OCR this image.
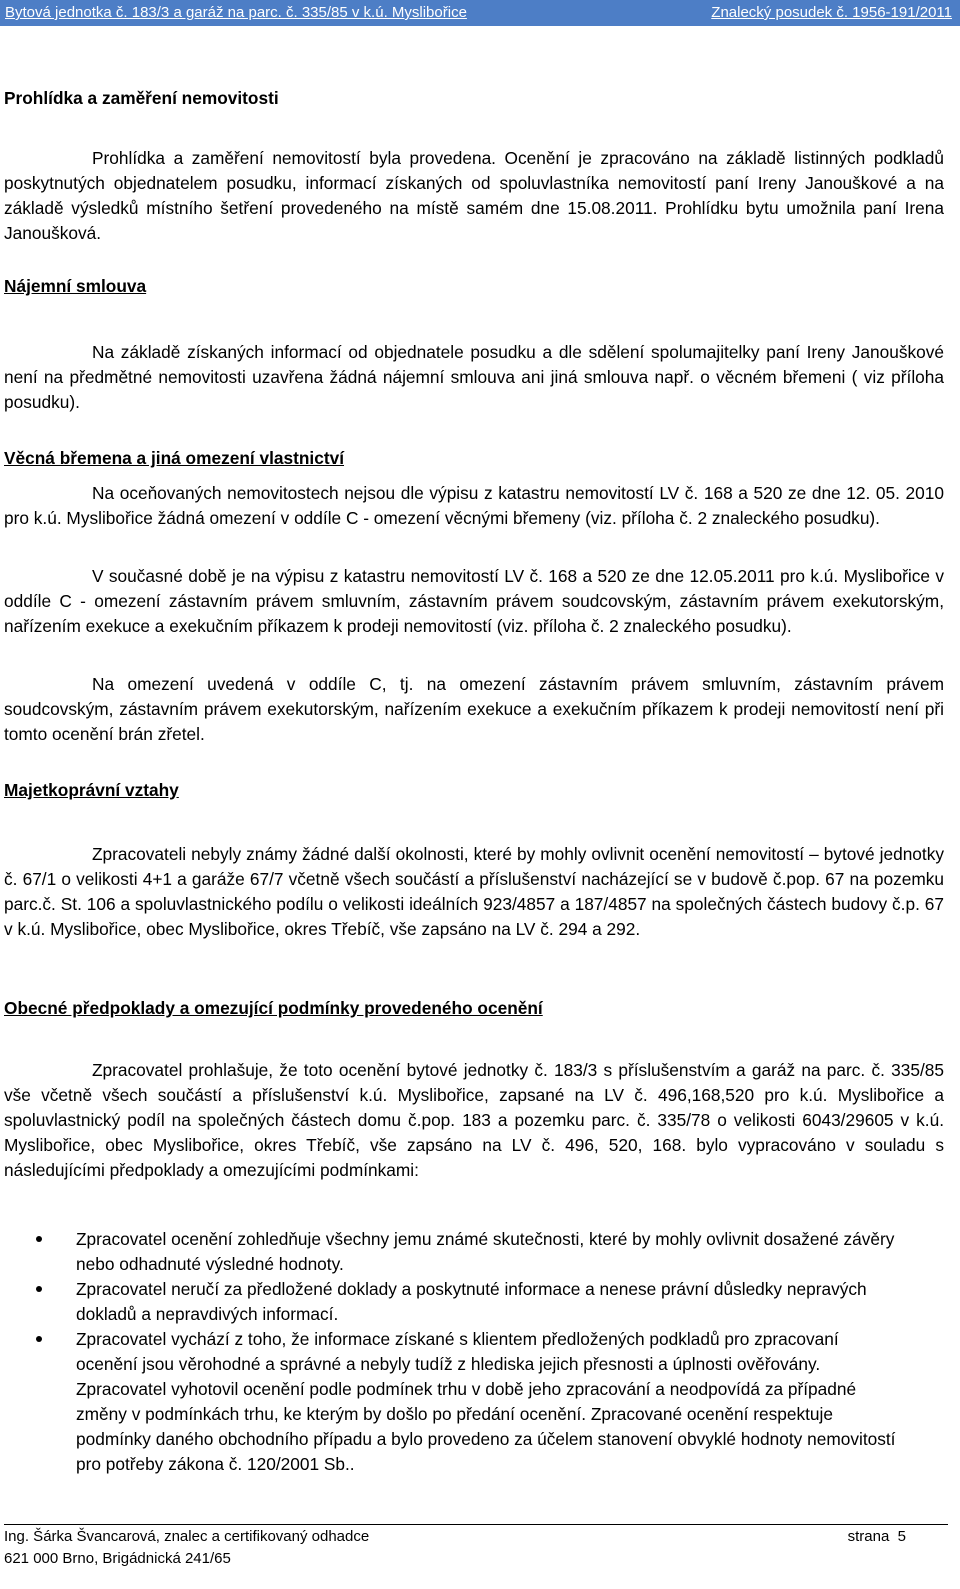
Bytová jednotka č. 183/3 a garáž na parc. č. 335/85 v k.ú. Myslibořice	Znalecký posudek č. 1956-191/2011
Prohlídka a zaměření nemovitosti
Prohlídka a zaměření nemovitostí byla provedena. Ocenění je zpracováno na základě listinných podkladů poskytnutých objednatelem posudku, informací získaných od spoluvlastníka nemovitostí paní Ireny Janouškové a na základě výsledků místního šetření provedeného na místě samém dne 15.08.2011. Prohlídku bytu umožnila paní Irena Janoušková.
Nájemní smlouva
Na základě získaných informací od objednatele posudku a dle sdělení spolumajitelky paní Ireny Janouškové není na předmětné nemovitosti uzavřena žádná nájemní smlouva ani jiná smlouva např. o věcném břemeni ( viz příloha posudku).
Věcná břemena a jiná omezení vlastnictví
Na oceňovaných nemovitostech nejsou dle výpisu z katastru nemovitostí LV č. 168 a 520 ze dne 12. 05. 2010 pro k.ú. Myslibořice žádná omezení v oddíle C - omezení věcnými břemeny (viz. příloha č. 2 znaleckého posudku).
V současné době je na výpisu z katastru nemovitostí LV č. 168 a 520 ze dne 12.05.2011 pro k.ú. Myslibořice v oddíle C - omezení zástavním právem smluvním, zástavním právem soudcovským, zástavním právem exekutorským, nařízením exekuce a exekučním příkazem k prodeji nemovitostí (viz. příloha č. 2 znaleckého posudku).
Na omezení uvedená v oddíle C, tj. na omezení zástavním právem smluvním, zástavním právem soudcovským, zástavním právem exekutorským, nařízením exekuce a exekučním příkazem k prodeji nemovitostí není při tomto ocenění brán zřetel.
Majetkoprávní vztahy
Zpracovateli nebyly známy žádné další okolnosti, které by mohly ovlivnit ocenění nemovitostí – bytové jednotky č. 67/1 o velikosti 4+1 a garáže 67/7 včetně všech součástí a příslušenství nacházející se v budově č.pop. 67 na pozemku parc.č. St. 106 a spoluvlastnického podílu o velikosti ideálních 923/4857 a 187/4857 na společných částech budovy č.p. 67 v k.ú. Myslibořice, obec Myslibořice, okres Třebíč, vše zapsáno na LV č. 294 a 292.
Obecné předpoklady a omezující podmínky provedeného ocenění
Zpracovatel prohlašuje, že toto ocenění bytové jednotky č. 183/3 s příslušenstvím a garáž na parc. č. 335/85 vše včetně všech součástí a příslušenství k.ú. Myslibořice, zapsané na LV č. 496,168,520 pro k.ú. Myslibořice a spoluvlastnický podíl na společných částech domu č.pop. 183 a pozemku parc. č. 335/78 o velikosti 6043/29605 v k.ú. Myslibořice, obec Myslibořice, okres Třebíč, vše zapsáno na LV č. 496, 520, 168. bylo vypracováno v souladu s následujícími předpoklady a omezujícími podmínkami:
Zpracovatel ocenění zohledňuje všechny jemu známé skutečnosti, které by mohly ovlivnit dosažené závěry nebo odhadnuté výsledné hodnoty.
Zpracovatel neručí za předložené doklady a poskytnuté informace a nenese právní důsledky nepravých dokladů a nepravdivých informací.
Zpracovatel vychází z toho, že informace získané s klientem předložených podkladů pro zpracovaní ocenění jsou věrohodné a správné a nebyly tudíž z hlediska jejich přesnosti a úplnosti ověřovány. Zpracovatel vyhotovil ocenění podle podmínek trhu v době jeho zpracování a neodpovídá za případné změny v podmínkách trhu, ke kterým by došlo po předání ocenění. Zpracované ocenění respektuje podmínky daného obchodního případu a bylo provedeno za účelem stanovení obvyklé hodnoty nemovitostí pro potřeby zákona č. 120/2001 Sb..
Ing. Šárka Švancarová, znalec a certifikovaný odhadce
621 000 Brno, Brigádnická 241/65
strana 5
